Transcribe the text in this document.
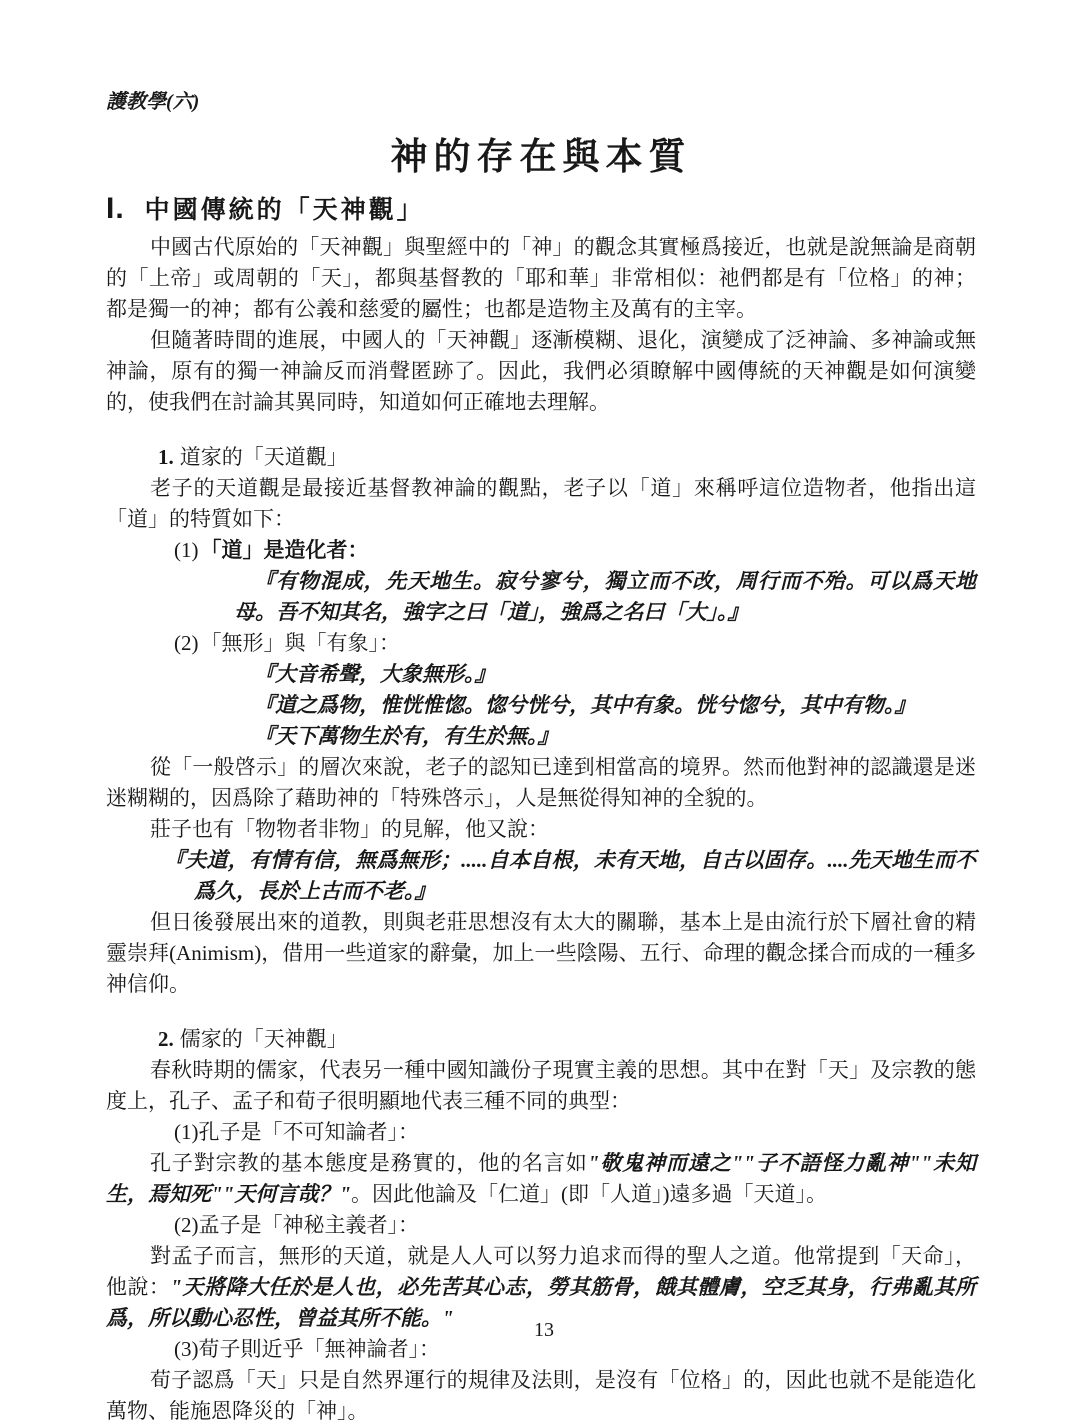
護教學(六)
神的存在與本質
I. 中國傳統的「天神觀」

中國古代原始的「天神觀」與聖經中的「神」的觀念其實極爲接近，也就是說無論是商朝的「上帝」或周朝的「天」，都與基督教的「耶和華」非常相似：祂們都是有「位格」的神；都是獨一的神；都有公義和慈愛的屬性；也都是造物主及萬有的主宰。

但隨著時間的進展，中國人的「天神觀」逐漸模糊、退化，演變成了泛神論、多神論或無神論，原有的獨一神論反而消聲匿跡了。因此，我們必須瞭解中國傳統的天神觀是如何演變的，使我們在討論其異同時，知道如何正確地去理解。

1. 道家的「天道觀」

老子的天道觀是最接近基督教神論的觀點，老子以「道」來稱呼這位造物者，他指出這「道」的特質如下：

(1)「道」是造化者：

『有物混成，先天地生。寂兮寥兮，獨立而不改，周行而不殆。可以爲天地母。吾不知其名，強字之曰「道」，強爲之名曰「大」。』

(2)「無形」與「有象」：

『大音希聲，大象無形。』

『道之爲物，惟恍惟惚。惚兮恍兮，其中有象。恍兮惚兮，其中有物。』

『天下萬物生於有，有生於無。』

從「一般啓示」的層次來說，老子的認知已達到相當高的境界。然而他對神的認識還是迷迷糊糊的，因爲除了藉助神的「特殊啓示」，人是無從得知神的全貌的。

莊子也有「物物者非物」的見解，他又說：

『夫道，有情有信，無爲無形；.....自本自根，未有天地，自古以固存。....先天地生而不爲久，長於上古而不老。』

但日後發展出來的道教，則與老莊思想沒有太大的關聯，基本上是由流行於下層社會的精靈崇拜(Animism)，借用一些道家的辭彙，加上一些陰陽、五行、命理的觀念揉合而成的一種多神信仰。

2. 儒家的「天神觀」

春秋時期的儒家，代表另一種中國知識份子現實主義的思想。其中在對「天」及宗教的態度上，孔子、孟子和荀子很明顯地代表三種不同的典型：

(1)孔子是「不可知論者」：

孔子對宗教的基本態度是務實的，他的名言如"敬鬼神而遠之""子不語怪力亂神""未知生，焉知死""天何言哉？"。因此他論及「仁道」(即「人道」)遠多過「天道」。

(2)孟子是「神秘主義者」：

對孟子而言，無形的天道，就是人人可以努力追求而得的聖人之道。他常提到「天命」，他說："天將降大任於是人也，必先苦其心志，勞其筋骨，餓其體膚，空乏其身，行弗亂其所爲，所以動心忍性，曾益其所不能。"

(3)荀子則近乎「無神論者」：

荀子認爲「天」只是自然界運行的規律及法則，是沒有「位格」的，因此也就不是能造化萬物、能施恩降災的「神」。

13
